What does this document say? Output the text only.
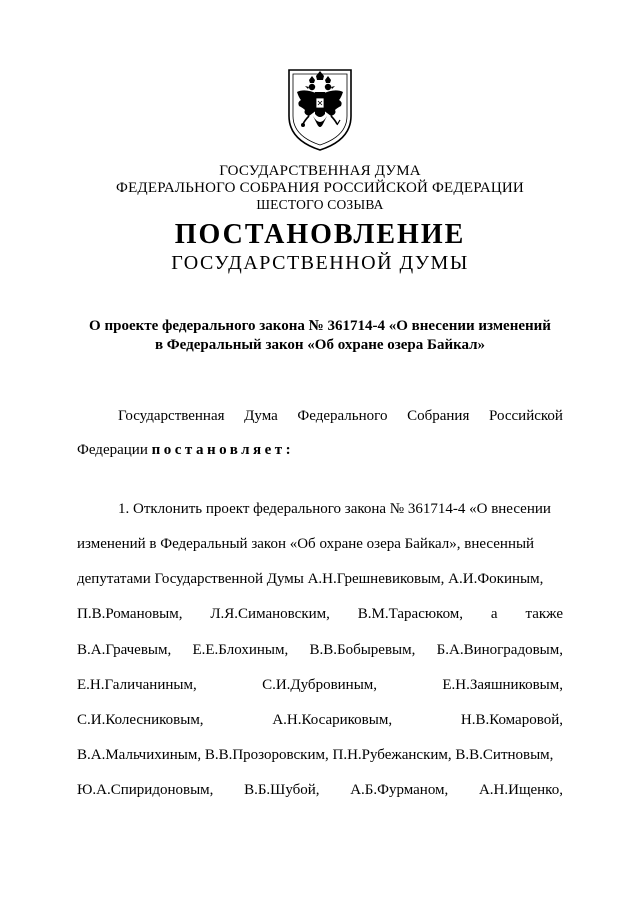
ГОСУДАРСТВЕННАЯ ДУМА
ФЕДЕРАЛЬНОГО СОБРАНИЯ РОССИЙСКОЙ ФЕДЕРАЦИИ
ШЕСТОГО СОЗЫВА
ПОСТАНОВЛЕНИЕ
ГОСУДАРСТВЕННОЙ ДУМЫ
О проекте федерального закона № 361714-4 «О внесении изменений
в Федеральный закон «Об охране озера Байкал»
Государственная Дума Федерального Собрания Российской
Федерации постановляет:
1. Отклонить проект федерального закона № 361714-4 «О внесении
изменений в Федеральный закон «Об охране озера Байкал», внесенный
депутатами Государственной Думы А.Н.Грешневиковым, А.И.Фокиным,
П.В.Романовым, Л.Я.Симановским, В.М.Тарасюком, а также
В.А.Грачевым, Е.Е.Блохиным, В.В.Бобыревым, Б.А.Виноградовым,
Е.Н.Галичаниным,	С.И.Дубровиным,	Е.Н.Заяшниковым,
С.И.Колесниковым,	А.Н.Косариковым,	Н.В.Комаровой,
В.А.Мальчихиным, В.В.Прозоровским, П.Н.Рубежанским, В.В.Ситновым,
Ю.А.Спиридоновым, В.Б.Шубой, А.Б.Фурманом, А.Н.Ищенко,
